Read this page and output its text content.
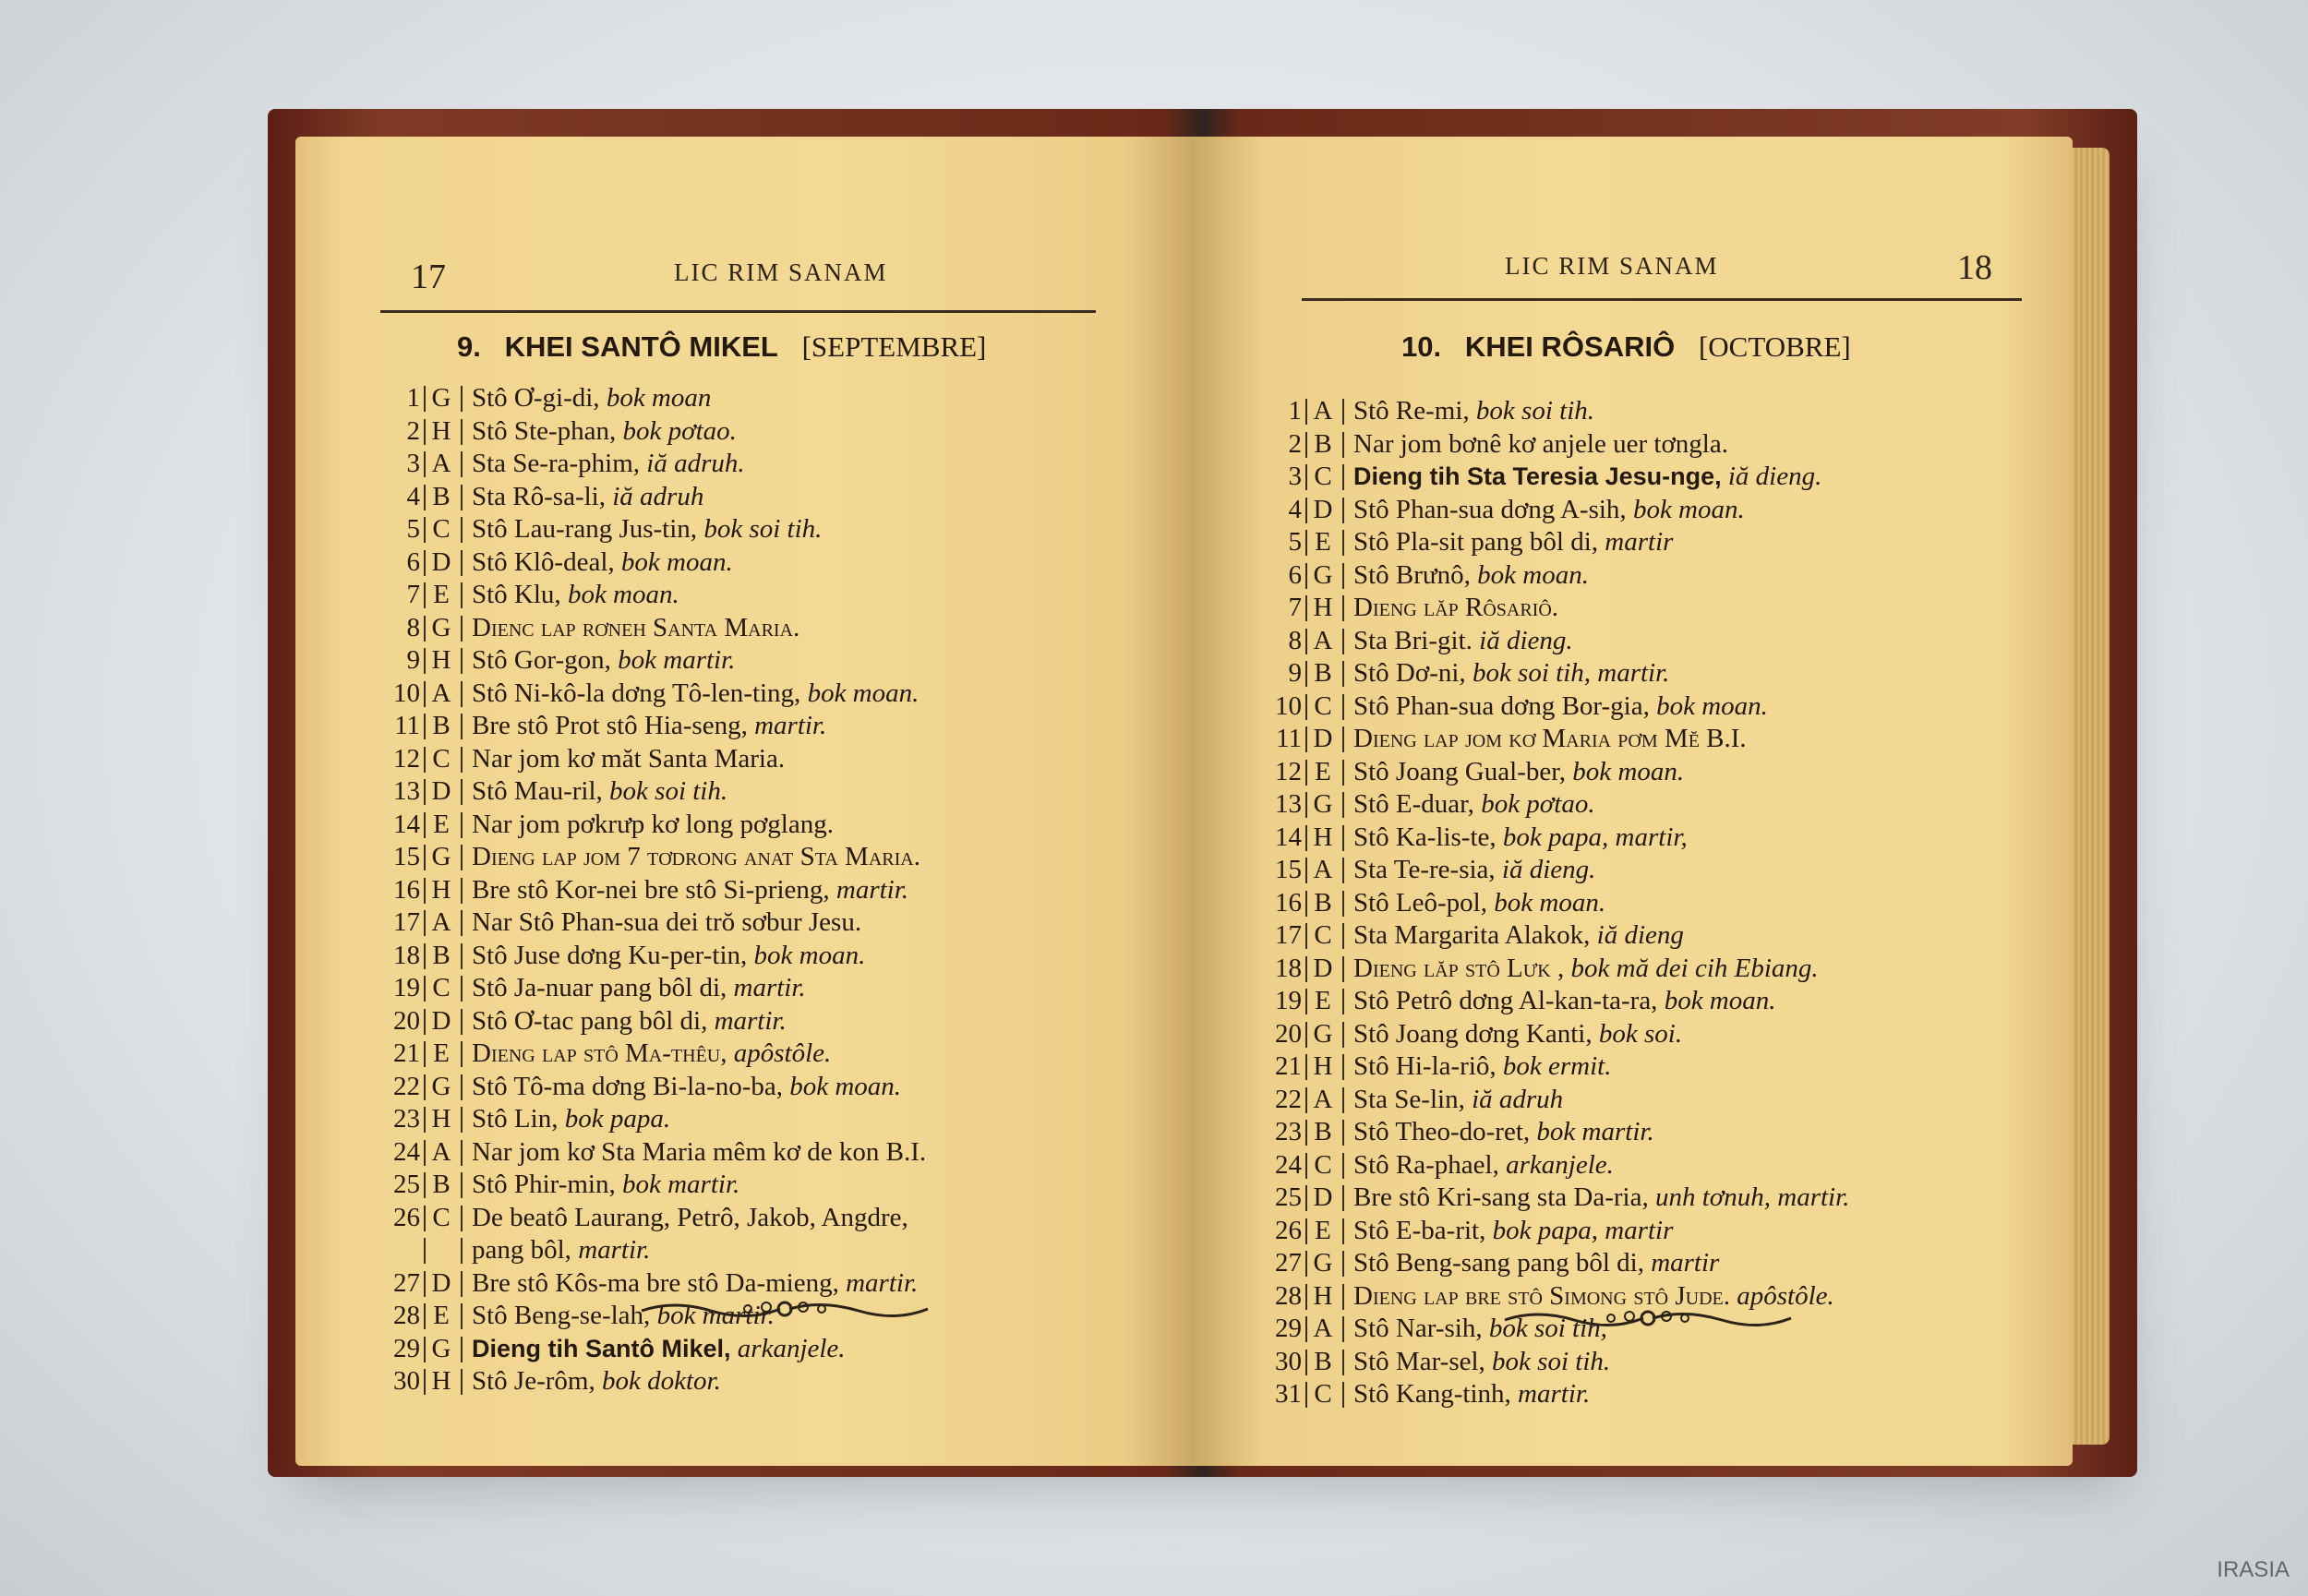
17	LIC RIM SANAM
9. KHEI SANTÔ MIKEL [SEPTEMBRE]
1 G Stô Ơ-gi-di, bok moan
2 H Stô Ste-phan, bok pơtao.
3 A Sta Se-ra-phim, iă adruh.
4 B Sta Rô-sa-li, iă adruh
5 C Stô Lau-rang Jus-tin, bok soi tih.
6 D Stô Klô-deal, bok moan.
7 E Stô Klu, bok moan.
8 G Dienc lap rơneh Santa Maria.
9 H Stô Gor-gon, bok martir.
10 A Stô Ni-kô-la dơng Tô-len-ting, bok moan.
11 B Bre stô Prot stô Hia-seng, martir.
12 C Nar jom kơ măt Santa Maria.
13 D Stô Mau-ril, bok soi tih.
14 E Nar jom pơkrưp kơ long pơglang.
15 G Dieng lap jom 7 tơdrong anat Sta Maria.
16 H Bre stô Kor-nei bre stô Si-prieng, martir.
17 A Nar Stô Phan-sua dei trŏ sơbur Jesu.
18 B Stô Juse dơng Ku-per-tin, bok moan.
19 C Stô Ja-nuar pang bôl di, martir.
20 D Stô Ơ-tac pang bôl di, martir.
21 E Dieng lap stô Ma-thêu, apôstôle.
22 G Stô Tô-ma dơng Bi-la-no-ba, bok moan.
23 H Stô Lin, bok papa.
24 A Nar jom kơ Sta Maria mêm kơ de kon B.I.
25 B Stô Phir-min, bok martir.
26 C De beatô Laurang, Petrô, Jakob, Angdre,
pang bôl, martir.
27 D Bre stô Kôs-ma bre stô Da-mieng, martir.
28 E Stô Beng-se-lah, bok martir.
29 G Dieng tih Santô Mikel, arkanjele.
30 H Stô Je-rôm, bok doktor.
LIC RIM SANAM	18
10. KHEI RÔSARIÔ [OCTOBRE]
1 A Stô Re-mi, bok soi tih.
2 B Nar jom bơnê kơ anjele uer tơngla.
3 C Dieng tih Sta Teresia Jesu-nge, iă dieng.
4 D Stô Phan-sua dơng A-sih, bok moan.
5 E Stô Pla-sit pang bôl di, martir
6 G Stô Brưnô, bok moan.
7 H Dieng lăp Rôsariô.
8 A Sta Bri-git. iă dieng.
9 B Stô Dơ-ni, bok soi tih, martir.
10 C Stô Phan-sua dơng Bor-gia, bok moan.
11 D Dieng lap jom kơ Maria pơm Mĕ B.I.
12 E Stô Joang Gual-ber, bok moan.
13 G Stô E-duar, bok pơtao.
14 H Stô Ka-lis-te, bok papa, martir,
15 A Sta Te-re-sia, iă dieng.
16 B Stô Leô-pol, bok moan.
17 C Sta Margarita Alakok, iă dieng
18 D Dieng lăp stô Lưk , bok mă dei cih Ebiang.
19 E Stô Petrô dơng Al-kan-ta-ra, bok moan.
20 G Stô Joang dơng Kanti, bok soi.
21 H Stô Hi-la-riô, bok ermit.
22 A Sta Se-lin, iă adruh
23 B Stô Theo-do-ret, bok martir.
24 C Stô Ra-phael, arkanjele.
25 D Bre stô Kri-sang sta Da-ria, unh tơnuh, martir.
26 E Stô E-ba-rit, bok papa, martir
27 G Stô Beng-sang pang bôl di, martir
28 H Dieng lap bre stô Simong stô Jude. apôstôle.
29 A Stô Nar-sih, bok soi tih,
30 B Stô Mar-sel, bok soi tih.
31 C Stô Kang-tinh, martir.
IRASIA
